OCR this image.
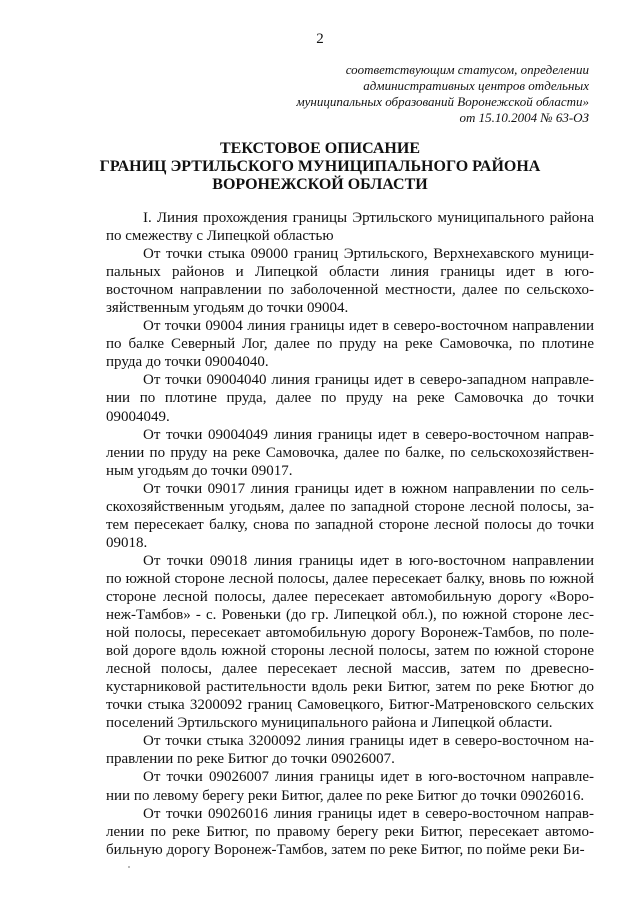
2
соответствующим статусом, определении
административных центров отдельных
муниципальных образований Воронежской области»
от 15.10.2004 № 63-ОЗ
ТЕКСТОВОЕ ОПИСАНИЕ
ГРАНИЦ ЭРТИЛЬСКОГО МУНИЦИПАЛЬНОГО РАЙОНА
ВОРОНЕЖСКОЙ ОБЛАСТИ
I. Линия прохождения границы Эртильского муниципального района
по смежеству с Липецкой областью
От точки стыка 09000 границ Эртильского, Верхнехавского муници-
пальных районов и Липецкой области линия границы идет в юго-
восточном направлении по заболоченной местности, далее по сельскохо-
зяйственным угодьям до точки 09004.
От точки 09004 линия границы идет в северо-восточном направлении
по балке Северный Лог, далее по пруду на реке Самовочка, по плотине
пруда до точки 09004040.
От точки 09004040 линия границы идет в северо-западном направле-
нии по плотине пруда, далее по пруду на реке Самовочка до точки
09004049.
От точки 09004049 линия границы идет в северо-восточном направ-
лении по пруду на реке Самовочка, далее по балке, по сельскохозяйствен-
ным угодьям до точки 09017.
От точки 09017 линия границы идет в южном направлении по сель-
скохозяйственным угодьям, далее по западной стороне лесной полосы, за-
тем пересекает балку, снова по западной стороне лесной полосы до точки
09018.
От точки 09018 линия границы идет в юго-восточном направлении
по южной стороне лесной полосы, далее пересекает балку, вновь по южной
стороне лесной полосы, далее пересекает автомобильную дорогу «Воро-
неж-Тамбов» - с. Ровеньки (до гр. Липецкой обл.), по южной стороне лес-
ной полосы, пересекает автомобильную дорогу Воронеж-Тамбов, по поле-
вой дороге вдоль южной стороны лесной полосы, затем по южной стороне
лесной полосы, далее пересекает лесной массив, затем по древесно-
кустарниковой растительности вдоль реки Битюг, затем по реке Бютюг до
точки стыка 3200092 границ Самовецкого, Битюг-Матреновского сельских
поселений Эртильского муниципального района и Липецкой области.
От точки стыка 3200092 линия границы идет в северо-восточном на-
правлении по реке Битюг до точки 09026007.
От точки 09026007 линия границы идет в юго-восточном направле-
нии по левому берегу реки Битюг, далее по реке Битюг до точки 09026016.
От точки 09026016 линия границы идет в северо-восточном направ-
лении по реке Битюг, по правому берегу реки Битюг, пересекает автомо-
бильную дорогу Воронеж-Тамбов, затем по реке Битюг, по пойме реки Би-
